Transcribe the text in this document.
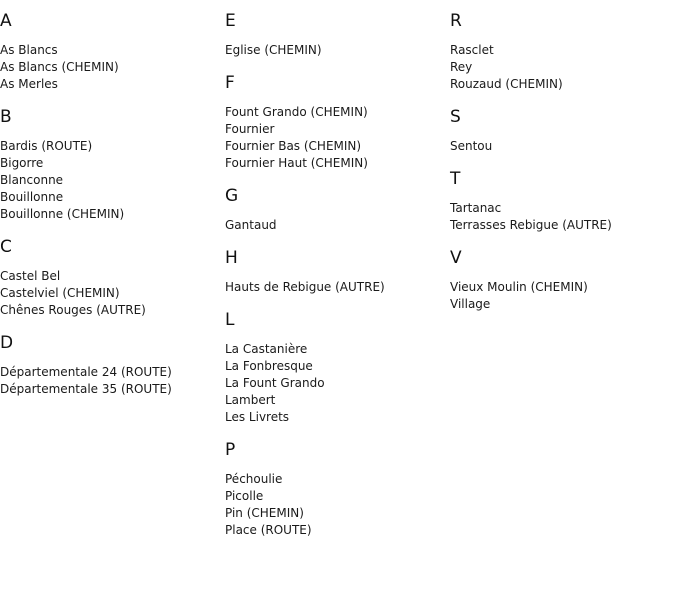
A
As Blancs
As Blancs (CHEMIN)
As Merles
B
Bardis (ROUTE)
Bigorre
Blanconne
Bouillonne
Bouillonne (CHEMIN)
C
Castel Bel
Castelviel (CHEMIN)
Chênes Rouges (AUTRE)
D
Départementale 24 (ROUTE)
Départementale 35 (ROUTE)
E
Eglise (CHEMIN)
F
Fount Grando (CHEMIN)
Fournier
Fournier Bas (CHEMIN)
Fournier Haut (CHEMIN)
G
Gantaud
H
Hauts de Rebigue (AUTRE)
L
La Castanière
La Fonbresque
La Fount Grando
Lambert
Les Livrets
P
Péchoulie
Picolle
Pin (CHEMIN)
Place (ROUTE)
R
Rasclet
Rey
Rouzaud (CHEMIN)
S
Sentou
T
Tartanac
Terrasses Rebigue (AUTRE)
V
Vieux Moulin (CHEMIN)
Village
